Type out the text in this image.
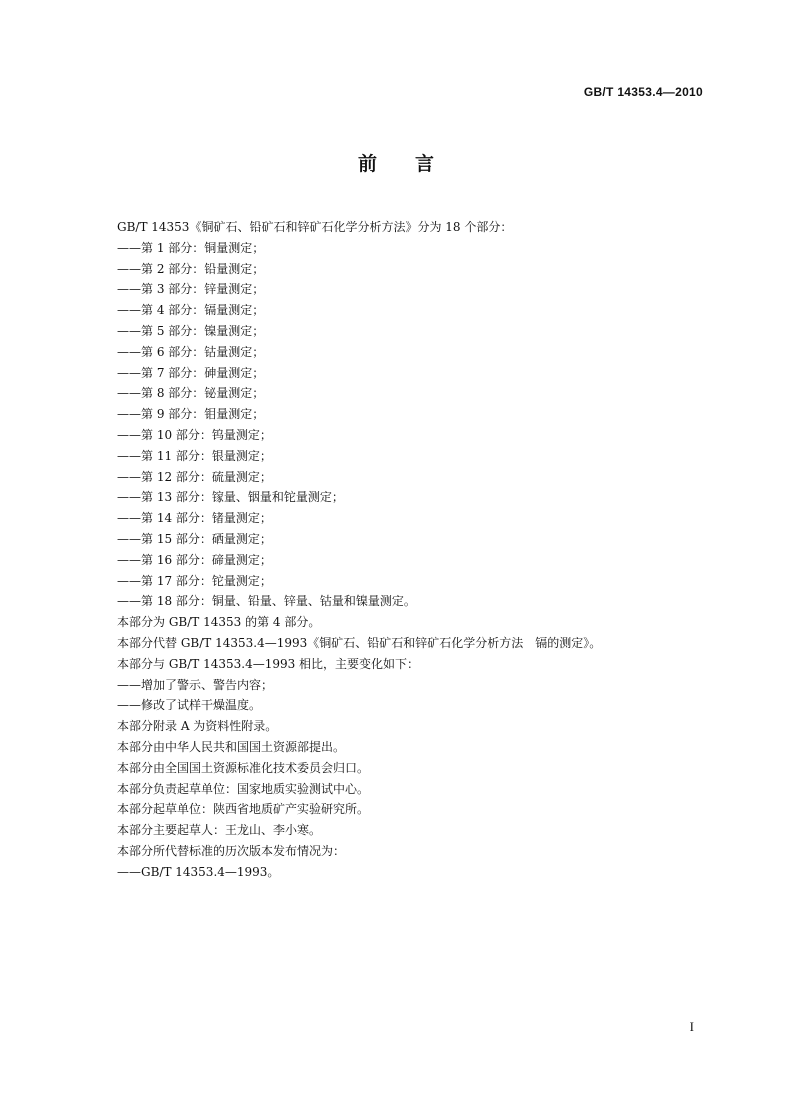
GB/T 14353.4—2010
前言
GB/T 14353《铜矿石、铅矿石和锌矿石化学分析方法》分为 18 个部分：
——第 1 部分：铜量测定；
——第 2 部分：铅量测定；
——第 3 部分：锌量测定；
——第 4 部分：镉量测定；
——第 5 部分：镍量测定；
——第 6 部分：钴量测定；
——第 7 部分：砷量测定；
——第 8 部分：铋量测定；
——第 9 部分：钼量测定；
——第 10 部分：钨量测定；
——第 11 部分：银量测定；
——第 12 部分：硫量测定；
——第 13 部分：镓量、铟量和铊量测定；
——第 14 部分：锗量测定；
——第 15 部分：硒量测定；
——第 16 部分：碲量测定；
——第 17 部分：铊量测定；
——第 18 部分：铜量、铅量、锌量、钴量和镍量测定。
本部分为 GB/T 14353 的第 4 部分。
本部分代替 GB/T 14353.4—1993《铜矿石、铅矿石和锌矿石化学分析方法　镉的测定》。
本部分与 GB/T 14353.4—1993 相比，主要变化如下：
——增加了警示、警告内容；
——修改了试样干燥温度。
本部分附录 A 为资料性附录。
本部分由中华人民共和国国土资源部提出。
本部分由全国国土资源标准化技术委员会归口。
本部分负责起草单位：国家地质实验测试中心。
本部分起草单位：陕西省地质矿产实验研究所。
本部分主要起草人：王龙山、李小寒。
本部分所代替标准的历次版本发布情况为：
——GB/T 14353.4—1993。
I
